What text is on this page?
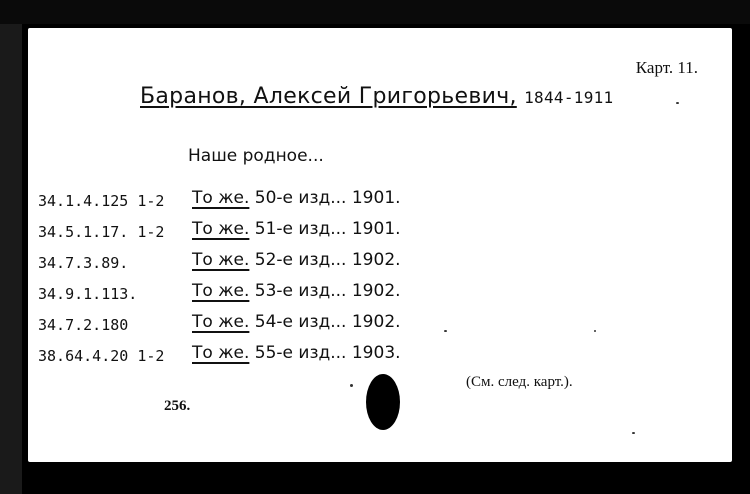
Карт. 11.
Баранов, Алексей Григорьевич, 1844-1911
Наше родное...
34.1.4.125 1-2 То же. 50-е изд... 1901.
34.5.1.17. 1-2 То же. 51-е изд... 1901.
34.7.3.89.	То же. 52-е изд... 1902.
34.9.1.113.	То же. 53-е изд... 1902.
34.7.2.180	То же. 54-е изд... 1902.
38.64.4.20 1-2 То же. 55-е изд... 1903.
256.
(См. след. карт.).
